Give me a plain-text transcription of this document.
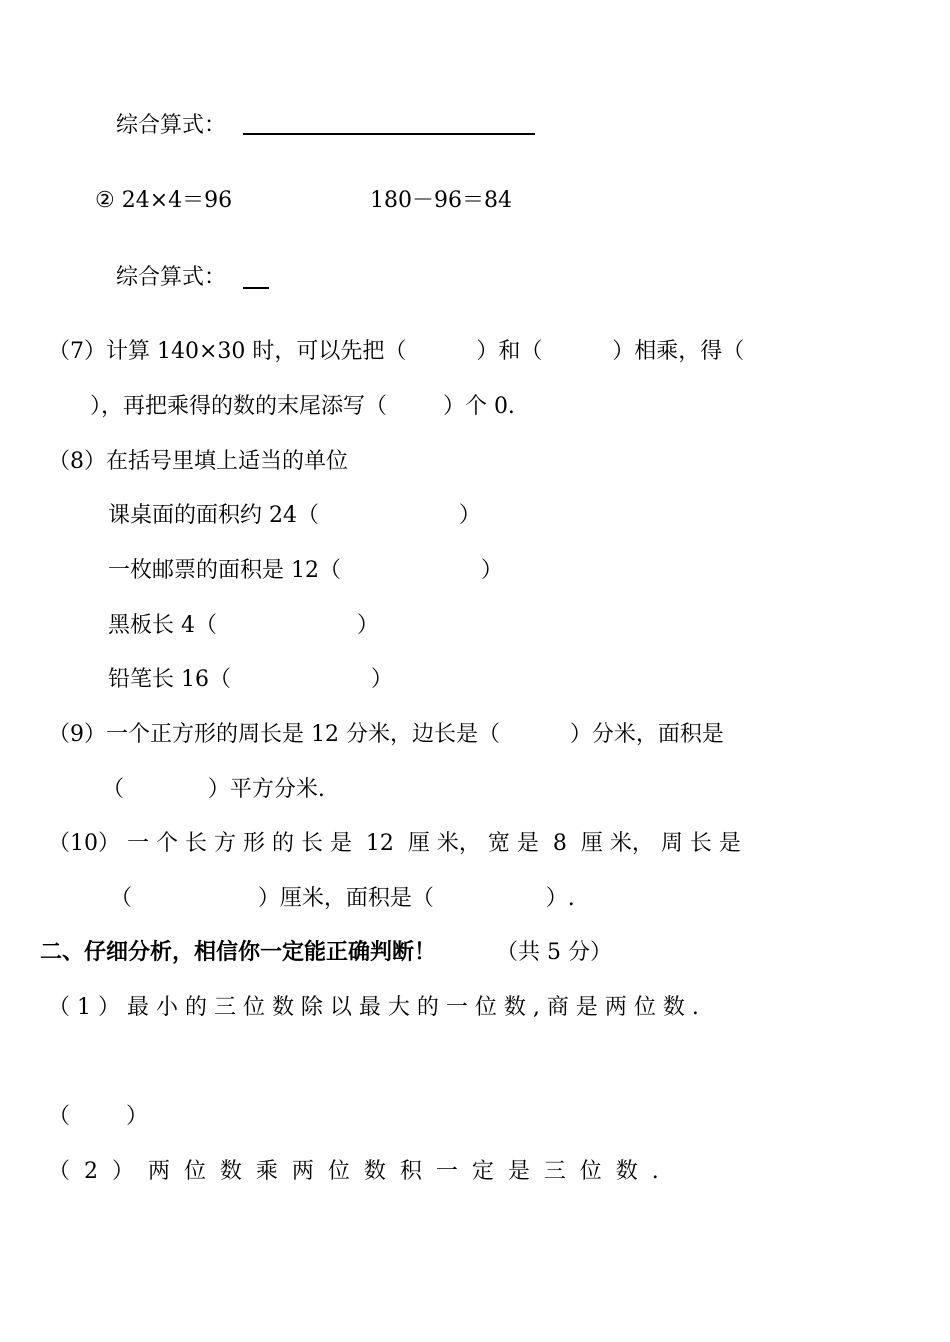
综合算式：

② 24×4＝96	180－96＝84

综合算式：

（7）计算 140×30 时，可以先把（          ）和（          ）相乘，得（

），再把乘得的数的末尾添写（        ）个 0.

（8）在括号里填上适当的单位

课桌面的面积约 24（                    ）

一枚邮票的面积是 12（                    ）

黑板长 4（                    ）

铅笔长 16（                    ）

（9）一个正方形的周长是 12 分米，边长是（          ）分米，面积是

（            ）平方分米.

（10） 一 个 长 方 形 的 长 是  12  厘 米， 宽 是  8  厘 米， 周 长 是

（                  ）厘米，面积是（                ）.

二、仔细分析，相信你一定能正确判断！	（共 5 分）

（ 1 ） 最 小 的 三 位 数 除 以 最 大 的 一 位 数 , 商 是 两 位 数 .

（        ）

（  2  ）  两  位  数  乘  两  位  数  积  一  定  是  三  位  数  .
